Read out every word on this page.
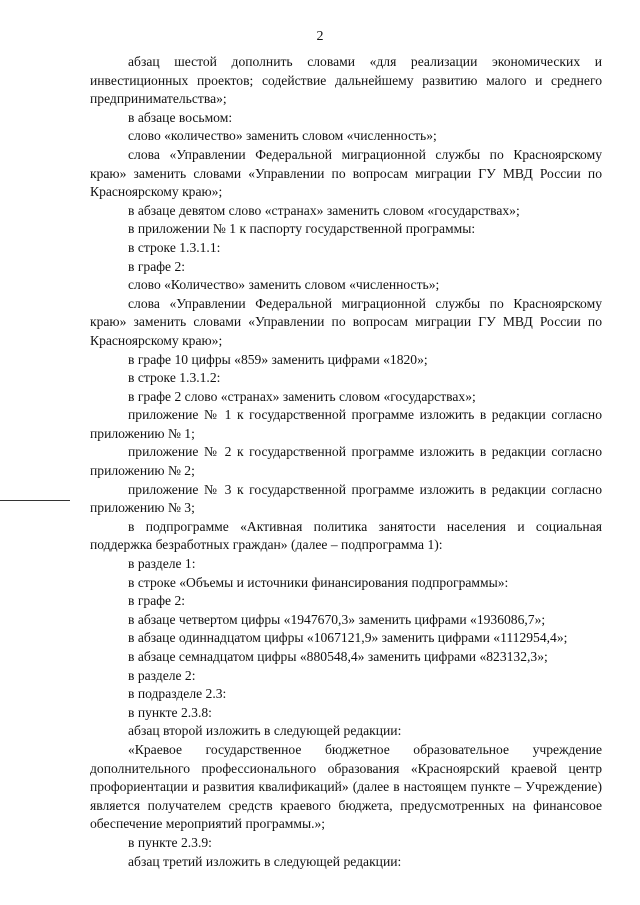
2

абзац шестой дополнить словами «для реализации экономических и инвестиционных проектов; содействие дальнейшему развитию малого и среднего предпринимательства»;

в абзаце восьмом:

слово «количество» заменить словом «численность»;

слова «Управлении Федеральной миграционной службы по Красноярскому краю» заменить словами «Управлении по вопросам миграции ГУ МВД России по Красноярскому краю»;

в абзаце девятом слово «странах» заменить словом «государствах»;

в приложении № 1 к паспорту государственной программы:

в строке 1.3.1.1:

в графе 2:

слово «Количество» заменить словом «численность»;

слова «Управлении Федеральной миграционной службы по Красноярскому краю» заменить словами «Управлении по вопросам миграции ГУ МВД России по Красноярскому краю»;

в графе 10 цифры «859» заменить цифрами «1820»;

в строке 1.3.1.2:

в графе 2 слово «странах» заменить словом «государствах»;

приложение № 1 к государственной программе изложить в редакции согласно приложению № 1;

приложение № 2 к государственной программе изложить в редакции согласно приложению № 2;

приложение № 3 к государственной программе изложить в редакции согласно приложению № 3;

в подпрограмме «Активная политика занятости населения и социальная поддержка безработных граждан» (далее – подпрограмма 1):

в разделе 1:

в строке «Объемы и источники финансирования подпрограммы»:

в графе 2:

в абзаце четвертом цифры «1947670,3» заменить цифрами «1936086,7»;

в абзаце одиннадцатом цифры «1067121,9» заменить цифрами «1112954,4»;

в абзаце семнадцатом цифры «880548,4» заменить цифрами «823132,3»;

в разделе 2:

в подразделе 2.3:

в пункте 2.3.8:

абзац второй изложить в следующей редакции:

«Краевое государственное бюджетное образовательное учреждение дополнительного профессионального образования «Красноярский краевой центр профориентации и развития квалификаций» (далее в настоящем пункте – Учреждение) является получателем средств краевого бюджета, предусмотренных на финансовое обеспечение мероприятий программы.»;

в пункте 2.3.9:

абзац третий изложить в следующей редакции:
